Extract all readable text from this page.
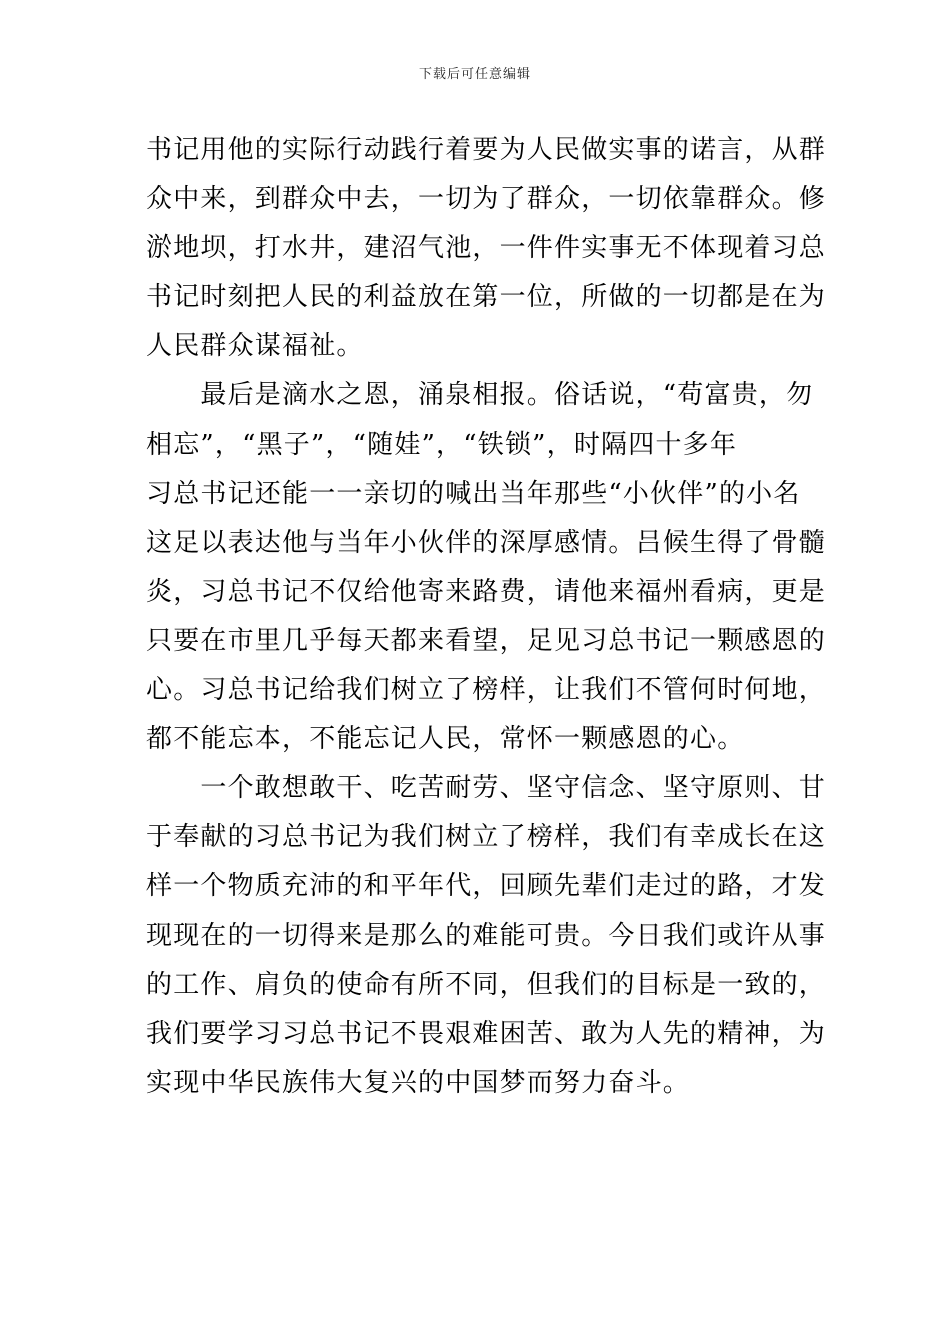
下载后可任意编辑
书记用他的实际行动践行着要为人民做实事的诺言，从群
众中来，到群众中去，一切为了群众，一切依靠群众。修
淤地坝，打水井，建沼气池，一件件实事无不体现着习总
书记时刻把人民的利益放在第一位，所做的一切都是在为
人民群众谋福祉。
　　最后是滴水之恩，涌泉相报。俗话说，“苟富贵，勿
相忘”，“黑子”，“随娃”，“铁锁”，时隔四十多年
习总书记还能一一亲切的喊出当年那些“小伙伴”的小名
这足以表达他与当年小伙伴的深厚感情。吕候生得了骨髓
炎，习总书记不仅给他寄来路费，请他来福州看病，更是
只要在市里几乎每天都来看望，足见习总书记一颗感恩的
心。习总书记给我们树立了榜样，让我们不管何时何地，
都不能忘本，不能忘记人民，常怀一颗感恩的心。
　　一个敢想敢干、吃苦耐劳、坚守信念、坚守原则、甘
于奉献的习总书记为我们树立了榜样，我们有幸成长在这
样一个物质充沛的和平年代，回顾先辈们走过的路，才发
现现在的一切得来是那么的难能可贵。今日我们或许从事
的工作、肩负的使命有所不同，但我们的目标是一致的，
我们要学习习总书记不畏艰难困苦、敢为人先的精神，为
实现中华民族伟大复兴的中国梦而努力奋斗。
